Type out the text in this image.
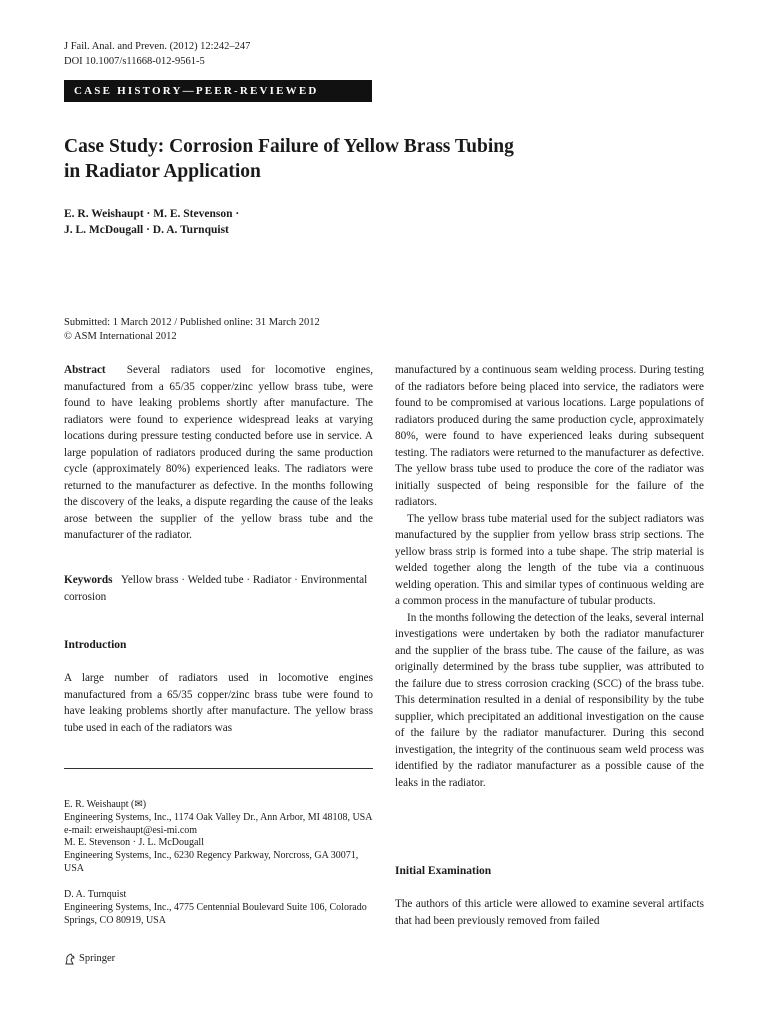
J Fail. Anal. and Preven. (2012) 12:242–247
DOI 10.1007/s11668-012-9561-5
CASE HISTORY—PEER-REVIEWED
Case Study: Corrosion Failure of Yellow Brass Tubing
in Radiator Application
E. R. Weishaupt · M. E. Stevenson ·
J. L. McDougall · D. A. Turnquist
Submitted: 1 March 2012 / Published online: 31 March 2012
© ASM International 2012

Abstract Several radiators used for locomotive engines, manufactured from a 65/35 copper/zinc yellow brass tube, were found to have leaking problems shortly after manufacture. The radiators were found to experience widespread leaks at varying locations during pressure testing conducted before use in service. A large population of radiators produced during the same production cycle (approximately 80%) experienced leaks. The radiators were returned to the manufacturer as defective. In the months following the discovery of the leaks, a dispute regarding the cause of the leaks arose between the supplier of the yellow brass tube and the manufacturer of the radiator.

Keywords Yellow brass · Welded tube · Radiator · Environmental corrosion

Introduction

A large number of radiators used in locomotive engines manufactured from a 65/35 copper/zinc brass tube were found to have leaking problems shortly after manufacture. The yellow brass tube used in each of the radiators was

E. R. Weishaupt (✉)

Engineering Systems, Inc., 1174 Oak Valley Dr., Ann Arbor, MI 48108, USA

e-mail: erweishaupt@esi-mi.com

M. E. Stevenson · J. L. McDougall

Engineering Systems, Inc., 6230 Regency Parkway, Norcross, GA 30071, USA

D. A. Turnquist

Engineering Systems, Inc., 4775 Centennial Boulevard Suite 106, Colorado Springs, CO 80919, USA

Springer

manufactured by a continuous seam welding process. During testing of the radiators before being placed into service, the radiators were found to be compromised at various locations. Large populations of radiators produced during the same production cycle, approximately 80%, were found to have experienced leaks during subsequent testing. The radiators were returned to the manufacturer as defective. The yellow brass tube used to produce the core of the radiator was initially suspected of being responsible for the failure of the radiators.

The yellow brass tube material used for the subject radiators was manufactured by the supplier from yellow brass strip sections. The yellow brass strip is formed into a tube shape. The strip material is welded together along the length of the tube via a continuous welding operation. This and similar types of continuous welding are a common process in the manufacture of tubular products.

In the months following the detection of the leaks, several internal investigations were undertaken by both the radiator manufacturer and the supplier of the brass tube. The cause of the failure, as was originally determined by the brass tube supplier, was attributed to the failure due to stress corrosion cracking (SCC) of the brass tube. This determination resulted in a denial of responsibility by the tube supplier, which precipitated an additional investigation on the cause of the failure by the radiator manufacturer. During this second investigation, the integrity of the continuous seam weld process was identified by the radiator manufacturer as a possible cause of the leaks in the radiator.

Initial Examination

The authors of this article were allowed to examine several artifacts that had been previously removed from failed
